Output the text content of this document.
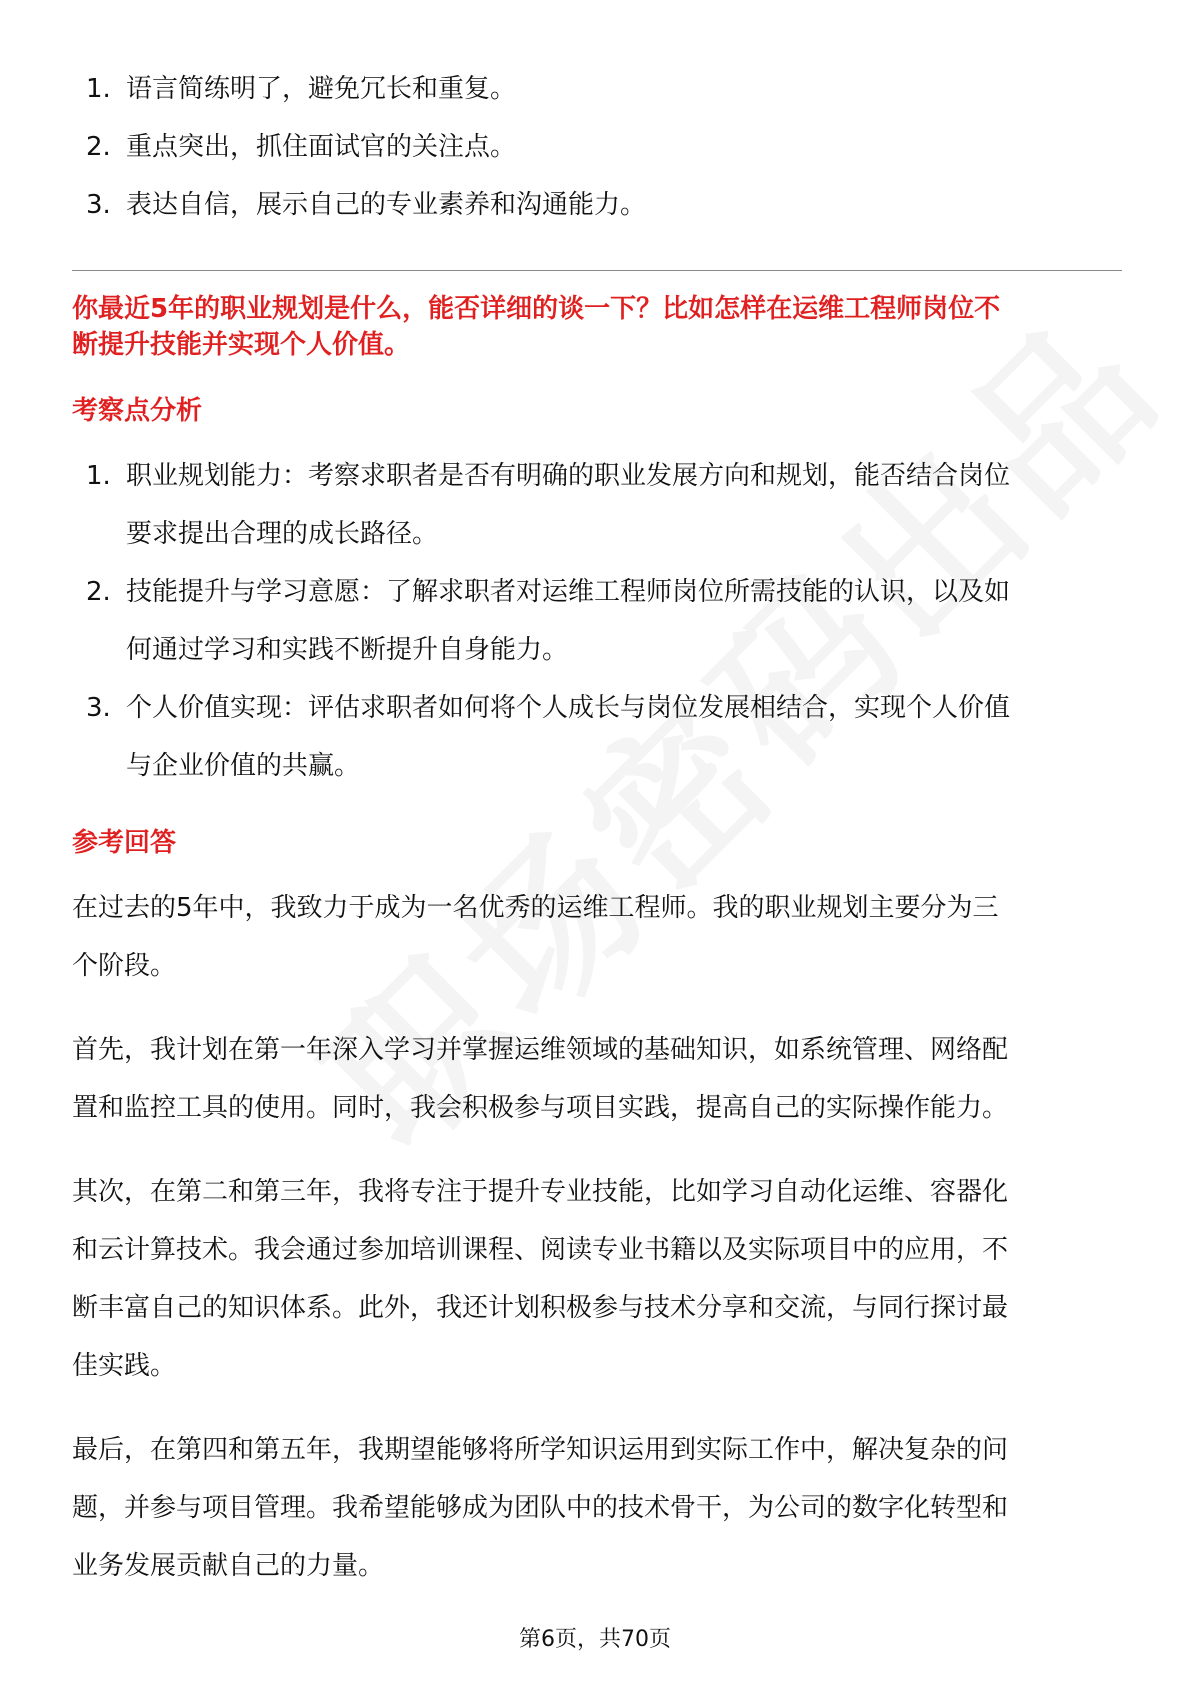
1. 语言简练明了，避免冗长和重复。
2. 重点突出，抓住面试官的关注点。
3. 表达自信，展示自己的专业素养和沟通能力。

你最近5年的职业规划是什么，能否详细的谈一下？比如怎样在运维工程师岗位不
断提升技能并实现个人价值。

考察点分析
1. 职业规划能力：考察求职者是否有明确的职业发展方向和规划，能否结合岗位
要求提出合理的成长路径。
2. 技能提升与学习意愿：了解求职者对运维工程师岗位所需技能的认识，以及如
何通过学习和实践不断提升自身能力。
3. 个人价值实现：评估求职者如何将个人成长与岗位发展相结合，实现个人价值
与企业价值的共赢。
参考回答

在过去的5年中，我致力于成为一名优秀的运维工程师。我的职业规划主要分为三
个阶段。

首先，我计划在第一年深入学习并掌握运维领域的基础知识，如系统管理、网络配
置和监控工具的使用。同时，我会积极参与项目实践，提高自己的实际操作能力。

其次，在第二和第三年，我将专注于提升专业技能，比如学习自动化运维、容器化
和云计算技术。我会通过参加培训课程、阅读专业书籍以及实际项目中的应用，不
断丰富自己的知识体系。此外，我还计划积极参与技术分享和交流，与同行探讨最
佳实践。

最后，在第四和第五年，我期望能够将所学知识运用到实际工作中，解决复杂的问
题，并参与项目管理。我希望能够成为团队中的技术骨干，为公司的数字化转型和
业务发展贡献自己的力量。

第6页，共70页
